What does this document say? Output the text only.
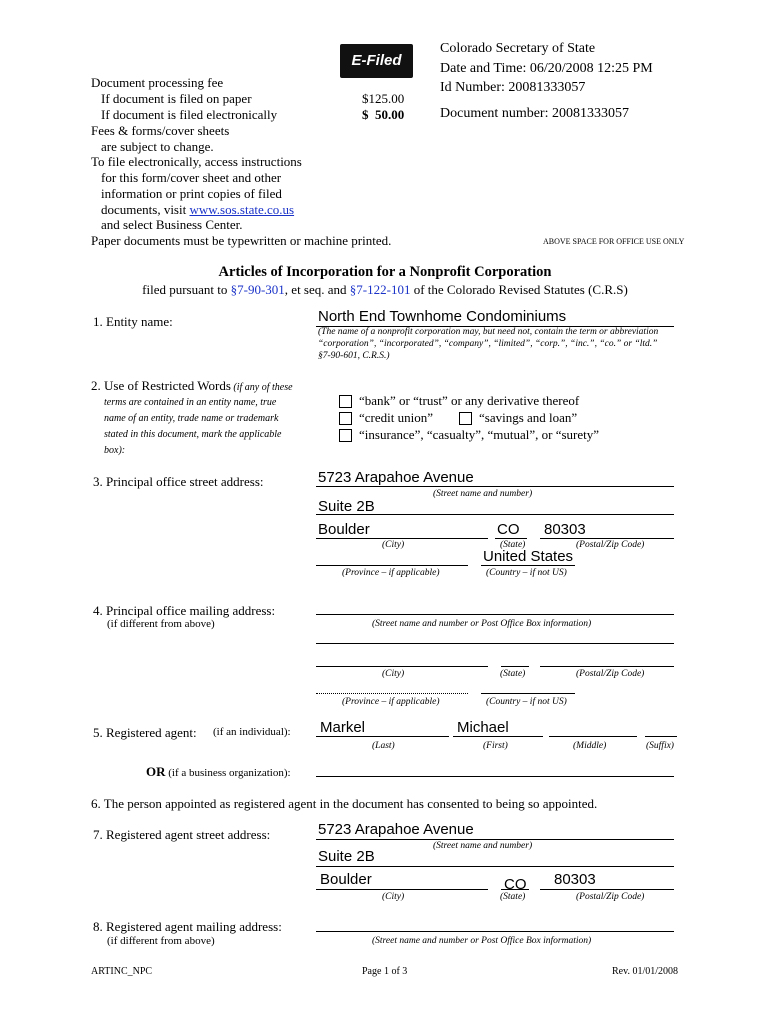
E-Filed
Colorado Secretary of State
Date and Time: 06/20/2008 12:25 PM
Id Number: 20081333057
Document number: 20081333057
Document processing fee
If document is filed on paper	$125.00
If document is filed electronically	$  50.00
Fees & forms/cover sheets
are subject to change.
To file electronically, access instructions
for this form/cover sheet and other
information or print copies of filed
documents, visit www.sos.state.co.us
and select Business Center.
Paper documents must be typewritten or machine printed.	ABOVE SPACE FOR OFFICE USE ONLY
Articles of Incorporation for a Nonprofit Corporation
filed pursuant to §7-90-301, et seq. and §7-122-101 of the Colorado Revised Statutes (C.R.S)
1. Entity name:	North End Townhome Condominiums
(The name of a nonprofit corporation may, but need not, contain the term or abbreviation
“corporation”, “incorporated”, “company”, “limited”, “corp.”, “inc.”, “co.” or “ltd.”
§7-90-601, C.R.S.)
2. Use of Restricted Words (if any of these
terms are contained in an entity name, true
name of an entity, trade name or trademark
stated in this document, mark the applicable
box):
“bank” or “trust” or any derivative thereof
“credit union”	“savings and loan”
“insurance”, “casualty”, “mutual”, or “surety”
3. Principal office street address:	5723 Arapahoe Avenue
(Street name and number)
Suite 2B
Boulder	CO 80303
(City)	(State)	(Postal/Zip Code)
United States
(Province – if applicable)	(Country – if not US)
4. Principal office mailing address:
(if different from above)	(Street name and number or Post Office Box information)
(City)	(State)	(Postal/Zip Code)
(Province – if applicable)	(Country – if not US)
5. Registered agent: (if an individual): Markel	Michael
(Last)	(First)	(Middle)	(Suffix)
OR (if a business organization):
6. The person appointed as registered agent in the document has consented to being so appointed.
7. Registered agent street address:	5723 Arapahoe Avenue
(Street name and number)
Suite 2B
Boulder	CO 80303
(City)	(State)	(Postal/Zip Code)
8. Registered agent mailing address:
(if different from above)	(Street name and number or Post Office Box information)
ARTINC_NPC	Page 1 of 3	Rev. 01/01/2008
